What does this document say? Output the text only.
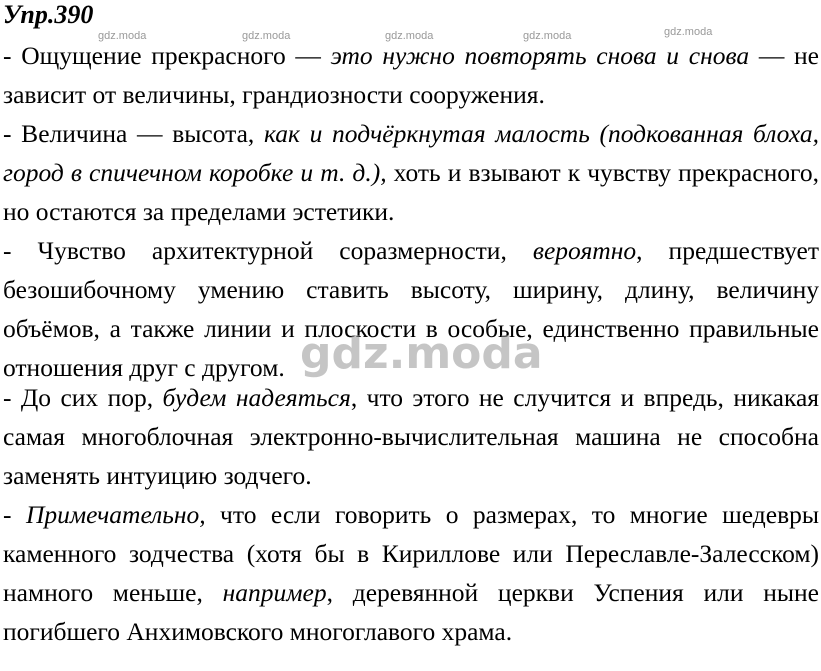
Упр.390
gdz.moda	gdz.moda	gdz.moda	gdz.moda	gdz.moda
- Ощущение прекрасного — это нужно повторять снова и снова — не зависит от величины, грандиозности сооружения.
- Величина — высота, как и подчёркнутая малость (подкованная блоха, город в спичечном коробке и т. д.), хоть и взывают к чувству прекрасного, но остаются за пределами эстетики.
- Чувство архитектурной соразмерности, вероятно, предшествует безошибочному умению ставить высоту, ширину, длину, величину объёмов, а также линии и плоскости в особые, единственно правильные отношения друг с другом.
- До сих пор, будем надеяться, что этого не случится и впредь, никакая самая многоблочная электронно-вычислительная машина не способна заменять интуицию зодчего.
- Примечательно, что если говорить о размерах, то многие шедевры каменного зодчества (хотя бы в Кириллове или Переславле-Залесском) намного меньше, например, деревянной церкви Успения или ныне погибшего Анхимовского многоглавого храма.
gdz.moda
